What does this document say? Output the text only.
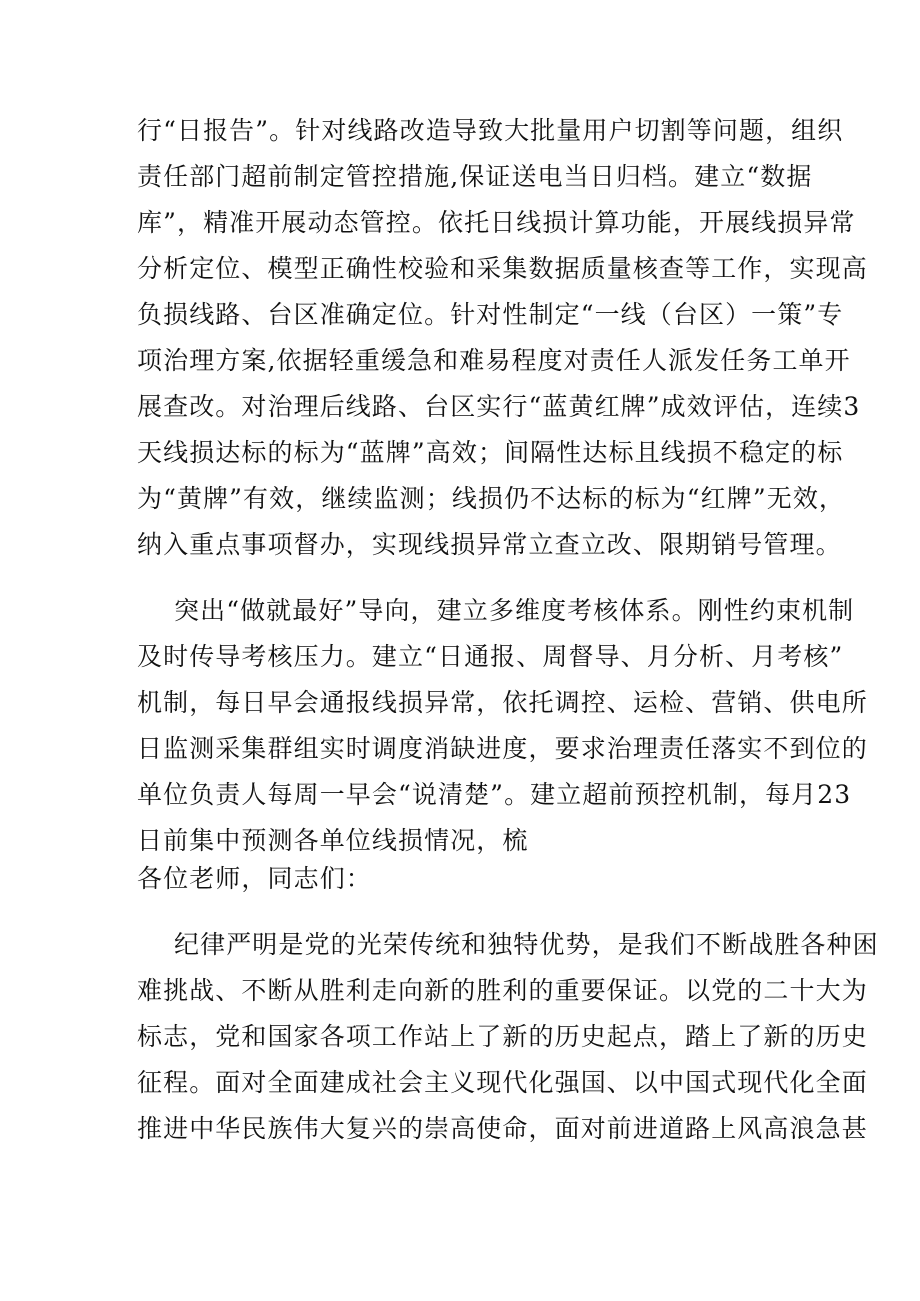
行“日报告”。针对线路改造导致大批量用户切割等问题，组织
责任部门超前制定管控措施,保证送电当日归档。建立“数据
库”，精准开展动态管控。依托日线损计算功能，开展线损异常
分析定位、模型正确性校验和采集数据质量核查等工作，实现高
负损线路、台区准确定位。针对性制定“一线（台区）一策”专
项治理方案,依据轻重缓急和难易程度对责任人派发任务工单开
展查改。对治理后线路、台区实行“蓝黄红牌”成效评估，连续3
天线损达标的标为“蓝牌”高效；间隔性达标且线损不稳定的标
为“黄牌”有效，继续监测；线损仍不达标的标为“红牌”无效，
纳入重点事项督办，实现线损异常立查立改、限期销号管理。
突出“做就最好”导向，建立多维度考核体系。刚性约束机制
及时传导考核压力。建立“日通报、周督导、月分析、月考核”
机制，每日早会通报线损异常，依托调控、运检、营销、供电所
日监测采集群组实时调度消缺进度，要求治理责任落实不到位的
单位负责人每周一早会“说清楚”。建立超前预控机制，每月23
日前集中预测各单位线损情况，梳
各位老师，同志们：
纪律严明是党的光荣传统和独特优势，是我们不断战胜各种困
难挑战、不断从胜利走向新的胜利的重要保证。以党的二十大为
标志，党和国家各项工作站上了新的历史起点，踏上了新的历史
征程。面对全面建成社会主义现代化强国、以中国式现代化全面
推进中华民族伟大复兴的崇高使命，面对前进道路上风高浪急甚
